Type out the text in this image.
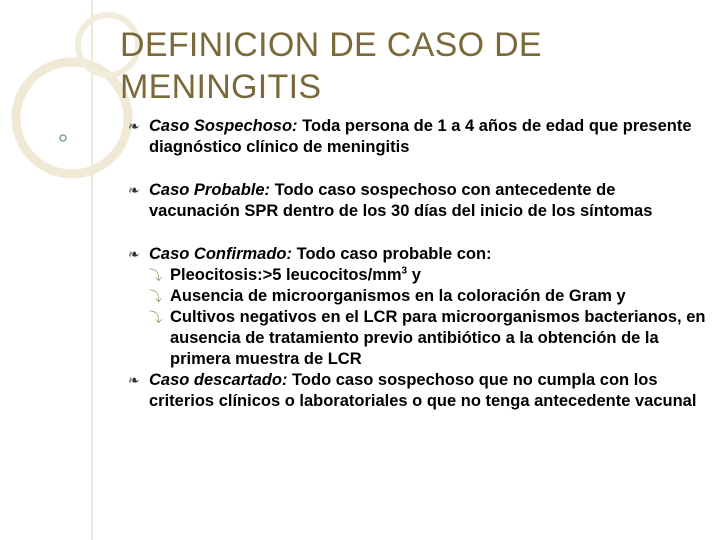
DEFINICION DE CASO DE
MENINGITIS
❧ Caso Sospechoso: Toda persona de 1 a 4 años de edad que presente diagnóstico clínico de meningitis
❧ Caso Probable: Todo caso sospechoso con antecedente de vacunación SPR dentro de los 30 días del inicio de los síntomas
❧ Caso Confirmado: Todo caso probable con:
⤵ Pleocitosis:>5 leucocitos/$mm^3$ y
⤵ Ausencia de microorganismos en la coloración de Gram y
⤵ Cultivos negativos en el LCR para microorganismos bacterianos, en ausencia de tratamiento previo antibiótico a la obtención de la primera muestra de LCR
❧ Caso descartado: Todo caso sospechoso que no cumpla con los criterios clínicos o laboratoriales o que no tenga antecedente vacunal
